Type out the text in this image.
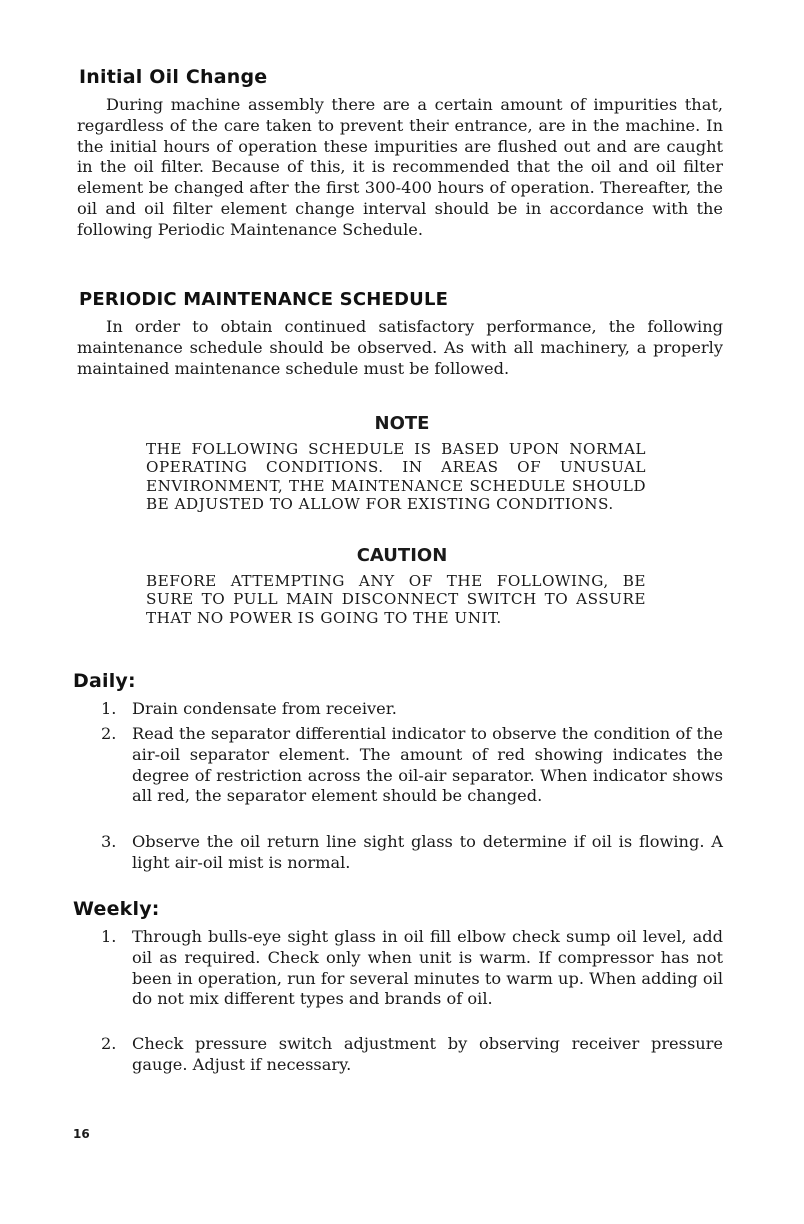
Initial Oil Change

During machine assembly there are a certain amount of impurities that, regardless of the care taken to prevent their entrance, are in the machine. In the initial hours of operation these impurities are flushed out and are caught in the oil filter. Because of this, it is recommended that the oil and oil filter element be changed after the first 300-400 hours of operation. Thereafter, the oil and oil filter element change interval should be in accordance with the following Periodic Maintenance Schedule.

PERIODIC MAINTENANCE SCHEDULE

In order to obtain continued satisfactory performance, the following maintenance schedule should be observed. As with all machinery, a properly maintained maintenance schedule must be followed.

NOTE

THE FOLLOWING SCHEDULE IS BASED UPON NORMAL OPERATING CONDITIONS. IN AREAS OF UNUSUAL ENVIRONMENT, THE MAINTENANCE SCHEDULE SHOULD BE ADJUSTED TO ALLOW FOR EXISTING CONDITIONS.

CAUTION

BEFORE ATTEMPTING ANY OF THE FOLLOWING, BE SURE TO PULL MAIN DISCONNECT SWITCH TO ASSURE THAT NO POWER IS GOING TO THE UNIT.

Daily:
1. Drain condensate from receiver.
2. Read the separator differential indicator to observe the condition of the air-oil separator element. The amount of red showing indicates the degree of restriction across the oil-air separator. When indicator shows all red, the separator element should be changed.
3. Observe the oil return line sight glass to determine if oil is flowing. A light air-oil mist is normal.
Weekly:
1. Through bulls-eye sight glass in oil fill elbow check sump oil level, add oil as required. Check only when unit is warm. If compressor has not been in operation, run for several minutes to warm up. When adding oil do not mix different types and brands of oil.
2. Check pressure switch adjustment by observing receiver pressure gauge. Adjust if necessary.
16
